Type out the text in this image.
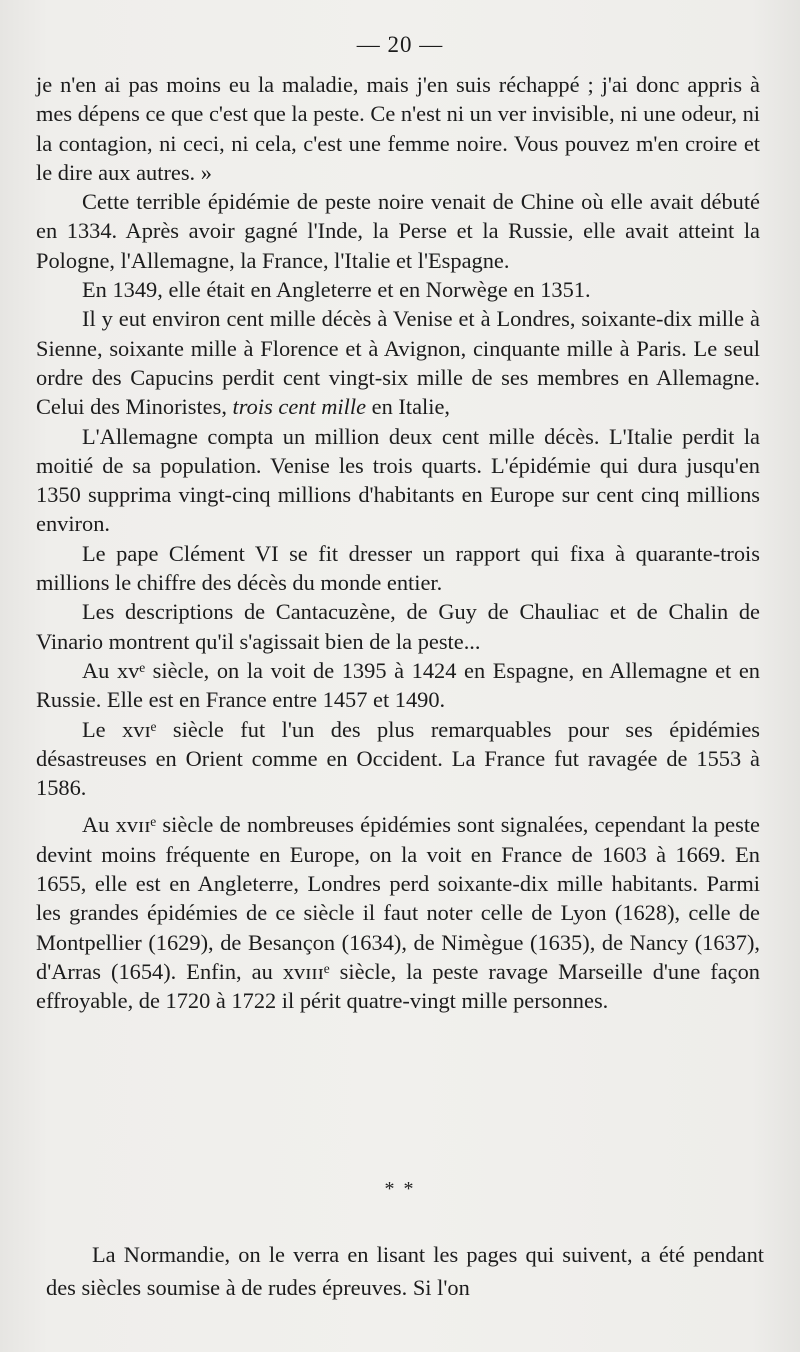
— 20 —

je n'en ai pas moins eu la maladie, mais j'en suis réchappé ; j'ai donc appris à mes dépens ce que c'est que la peste. Ce n'est ni un ver invisible, ni une odeur, ni la contagion, ni ceci, ni cela, c'est une femme noire. Vous pouvez m'en croire et le dire aux autres. »

Cette terrible épidémie de peste noire venait de Chine où elle avait débuté en 1334. Après avoir gagné l'Inde, la Perse et la Russie, elle avait atteint la Pologne, l'Allemagne, la France, l'Italie et l'Espagne.

En 1349, elle était en Angleterre et en Norwège en 1351.

Il y eut environ cent mille décès à Venise et à Londres, soixante-dix mille à Sienne, soixante mille à Florence et à Avignon, cinquante mille à Paris. Le seul ordre des Capucins perdit cent vingt-six mille de ses membres en Allemagne. Celui des Minoristes, trois cent mille en Italie,

L'Allemagne compta un million deux cent mille décès. L'Italie perdit la moitié de sa population. Venise les trois quarts. L'épidémie qui dura jusqu'en 1350 supprima vingt-cinq millions d'habitants en Europe sur cent cinq millions environ.

Le pape Clément VI se fit dresser un rapport qui fixa à quarante-trois millions le chiffre des décès du monde entier.

Les descriptions de Cantacuzène, de Guy de Chauliac et de Chalin de Vinario montrent qu'il s'agissait bien de la peste...

Au xvᵉ siècle, on la voit de 1395 à 1424 en Espagne, en Allemagne et en Russie. Elle est en France entre 1457 et 1490.

Le xvɪᵉ siècle fut l'un des plus remarquables pour ses épidémies désastreuses en Orient comme en Occident. La France fut ravagée de 1553 à 1586.

Au xvɪɪᵉ siècle de nombreuses épidémies sont signalées, cependant la peste devint moins fréquente en Europe, on la voit en France de 1603 à 1669. En 1655, elle est en Angleterre, Londres perd soixante-dix mille habitants. Parmi les grandes épidémies de ce siècle il faut noter celle de Lyon (1628), celle de Montpellier (1629), de Besançon (1634), de Nimègue (1635), de Nancy (1637), d'Arras (1654). Enfin, au xvɪɪɪᵉ siècle, la peste ravage Marseille d'une façon effroyable, de 1720 à 1722 il périt quatre-vingt mille personnes.

* *

La Normandie, on le verra en lisant les pages qui suivent, a été pendant des siècles soumise à de rudes épreuves. Si l'on
